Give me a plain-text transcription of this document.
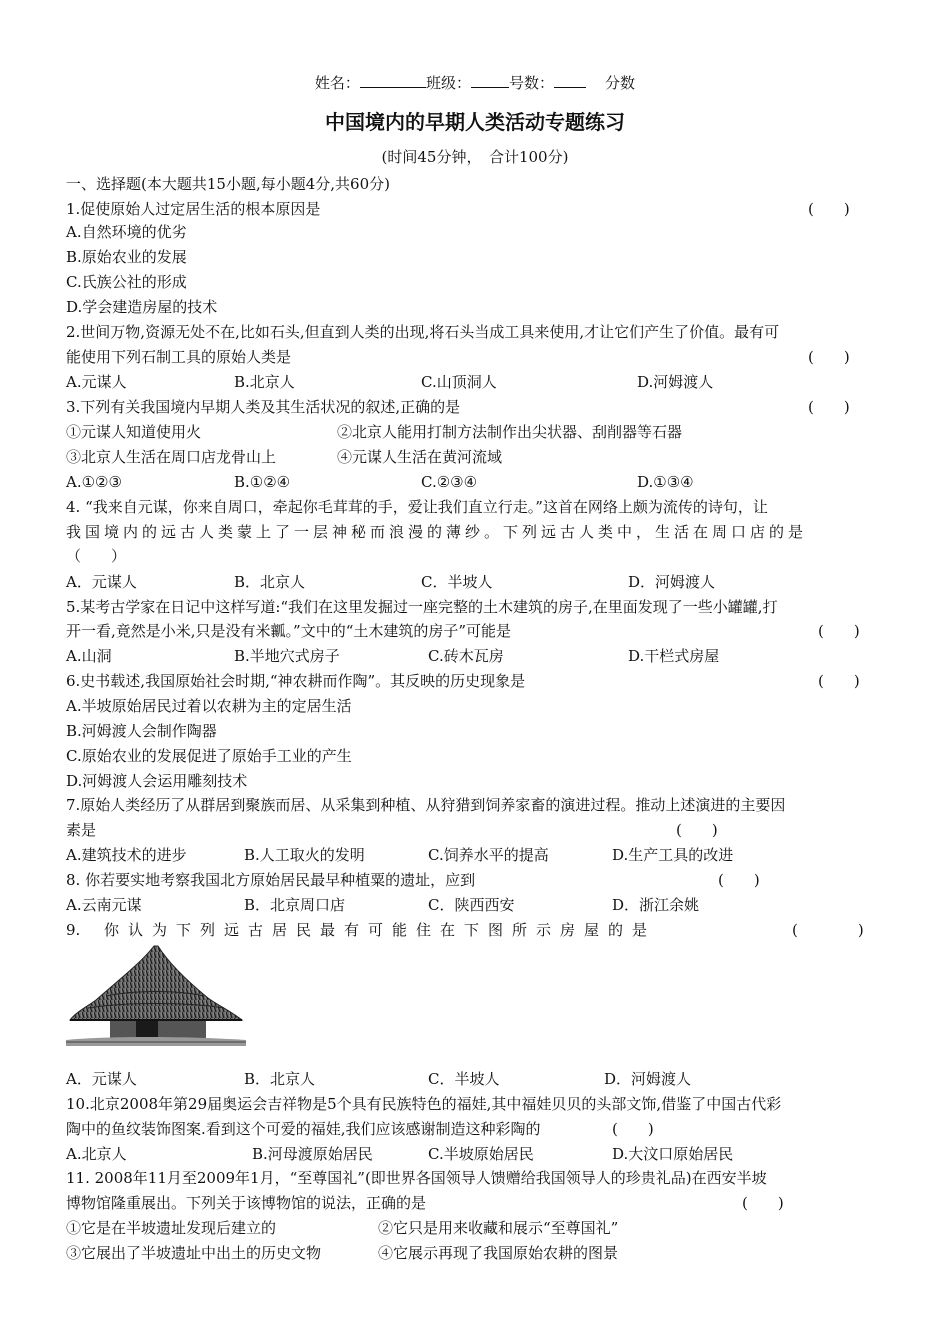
姓名：	班级：	号数：	分数
中国境内的早期人类活动专题练习
(时间45分钟，　合计100分)
一、选择题(本大题共15小题,每小题4分,共60分)
1.促使原始人过定居生活的根本原因是	(　　)
A.自然环境的优劣
B.原始农业的发展
C.氏族公社的形成
D.学会建造房屋的技术
2.世间万物,资源无处不在,比如石头,但直到人类的出现,将石头当成工具来使用,才让它们产生了价值。最有可
能使用下列石制工具的原始人类是	(　　)
A.元谋人	B.北京人	C.山顶洞人	D.河姆渡人
3.下列有关我国境内早期人类及其生活状况的叙述,正确的是	(　　)
①元谋人知道使用火	②北京人能用打制方法制作出尖状器、刮削器等石器
③北京人生活在周口店龙骨山上	④元谋人生活在黄河流域
A.①②③	B.①②④	C.②③④	D.①③④
4. “我来自元谋，你来自周口，牵起你毛茸茸的手，爱让我们直立行走。”这首在网络上颇为流传的诗句，让
我国境内的远古人类蒙上了一层神秘而浪漫的薄纱。下列远古人类中，生活在周口店的是
（　　）
A．元谋人	B．北京人	C．半坡人	D．河姆渡人
5.某考古学家在日记中这样写道:“我们在这里发掘过一座完整的土木建筑的房子,在里面发现了一些小罐罐,打
开一看,竟然是小米,只是没有米瓤。”文中的“土木建筑的房子”可能是	(　　)
A.山洞	B.半地穴式房子	C.砖木瓦房	D.干栏式房屋
6.史书载述,我国原始社会时期,“神农耕而作陶”。其反映的历史现象是	(　　)
A.半坡原始居民过着以农耕为主的定居生活
B.河姆渡人会制作陶器
C.原始农业的发展促进了原始手工业的产生
D.河姆渡人会运用雕刻技术
7.原始人类经历了从群居到聚族而居、从采集到种植、从狩猎到饲养家畜的演进过程。推动上述演进的主要因
素是	(　　)
A.建筑技术的进步	B.人工取火的发明	C.饲养水平的提高	D.生产工具的改进
8. 你若要实地考察我国北方原始居民最早种植粟的遗址，应到	(　　)
A.云南元谋	B．北京周口店	C．陕西西安	D．浙江余姚
9. 你认为下列远古居民最有可能住在下图所示房屋的是	(　　　　)
A．元谋人	B．北京人	C．半坡人	D．河姆渡人
10.北京2008年第29届奥运会吉祥物是5个具有民族特色的福娃,其中福娃贝贝的头部文饰,借鉴了中国古代彩
陶中的鱼纹装饰图案.看到这个可爱的福娃,我们应该感谢制造这种彩陶的	(　　)
A.北京人	B.河母渡原始居民	C.半坡原始居民	D.大汶口原始居民
11. 2008年11月至2009年1月，“至尊国礼”(即世界各国领导人馈赠给我国领导人的珍贵礼品)在西安半坡
博物馆隆重展出。下列关于该博物馆的说法，正确的是	(　　)
①它是在半坡遗址发现后建立的	②它只是用来收藏和展示“至尊国礼”
③它展出了半坡遗址中出土的历史文物	④它展示再现了我国原始农耕的图景
